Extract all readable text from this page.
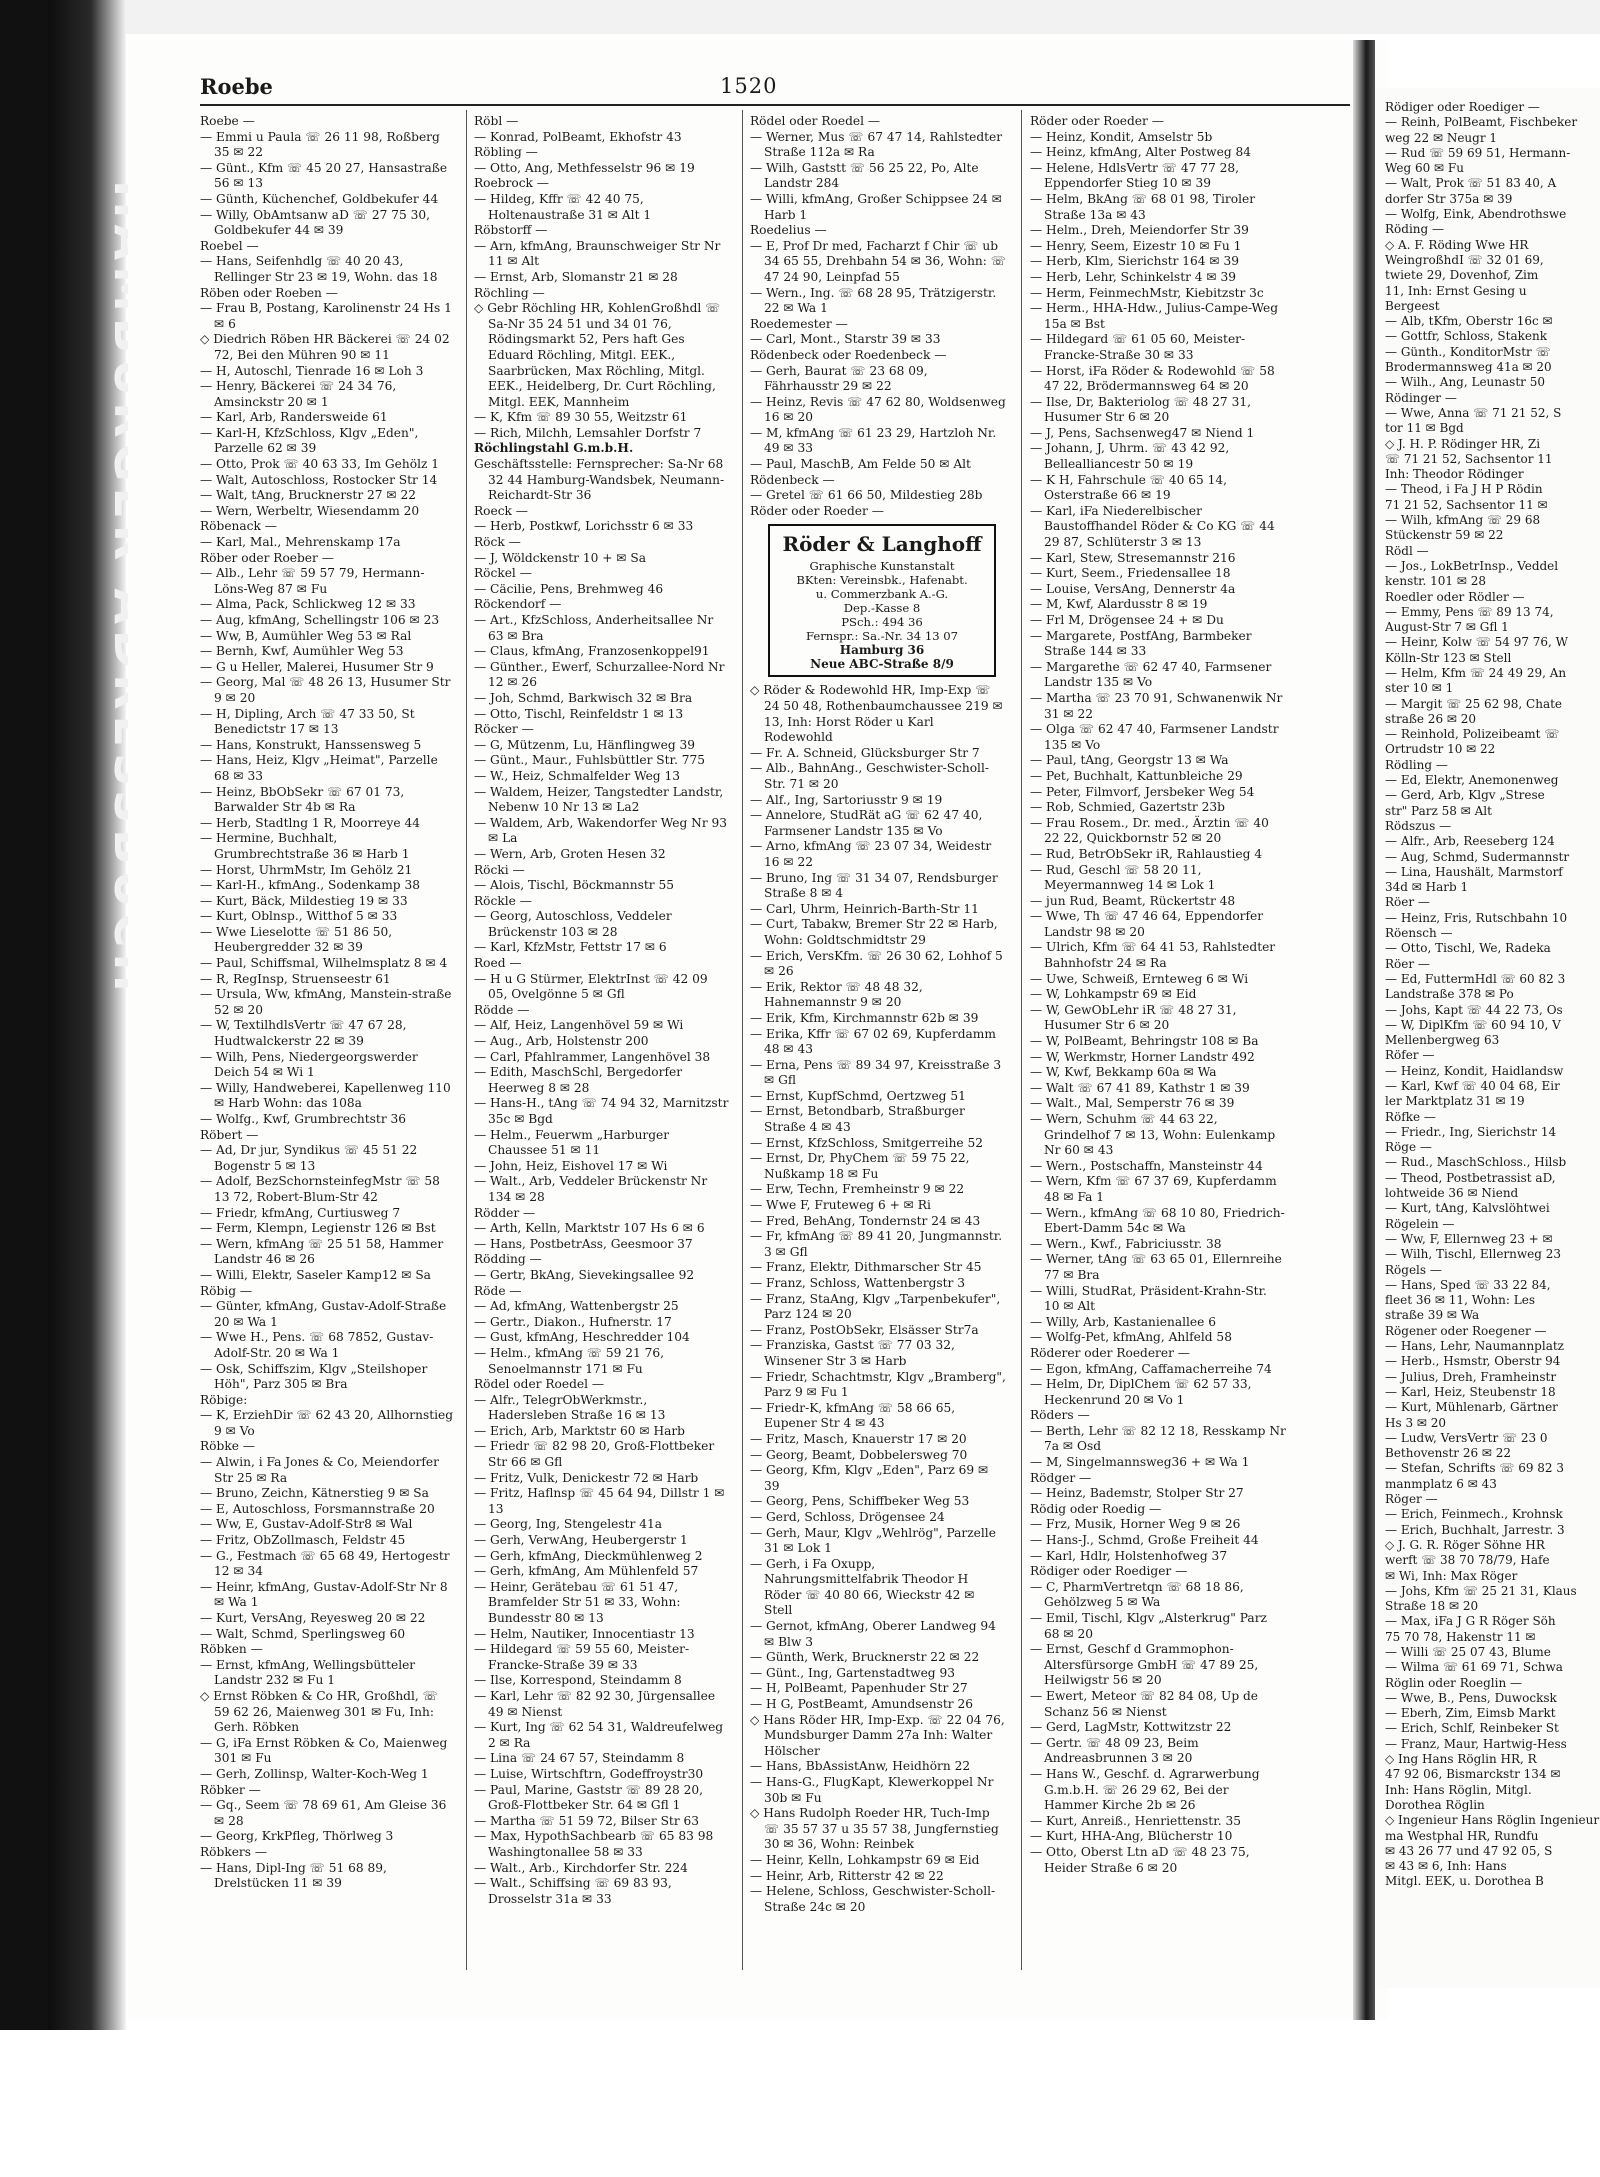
Roebe	1520
Roebe —
— Emmi u Paula ☏ 26 11 98, Roßberg 35 ✉ 22
— Günt., Kfm ☏ 45 20 27, Hansastraße 56 ✉ 13
— Günth, Küchenchef, Goldbekufer 44
— Willy, ObAmtsanw aD ☏ 27 75 30, Goldbekufer 44 ✉ 39
Roebel —
— Hans, Seifenhdlg ☏ 40 20 43, Rellinger Str 23 ✉ 19, Wohn. das 18
Röben oder Roeben —
— Frau B, Postang, Karolinenstr 24 Hs 1 ✉ 6
◇ Diedrich Röben HR Bäckerei ☏ 24 02 72, Bei den Mühren 90 ✉ 11
— H, Autoschl, Tienrade 16 ✉ Loh 3
— Henry, Bäckerei ☏ 24 34 76, Amsinckstr 20 ✉ 1
— Karl, Arb, Randersweide 61
— Karl-H, KfzSchloss, Klgv „Eden", Parzelle 62 ✉ 39
— Otto, Prok ☏ 40 63 33, Im Gehölz 1
— Walt, Autoschloss, Rostocker Str 14
— Walt, tAng, Brucknerstr 27 ✉ 22
— Wern, Werbeltr, Wiesendamm 20
Röbenack —
— Karl, Mal., Mehrenskamp 17a
Röber oder Roeber —
— Alb., Lehr ☏ 59 57 79, Hermann-Löns-Weg 87 ✉ Fu
— Alma, Pack, Schlickweg 12 ✉ 33
— Aug, kfmAng, Schellingstr 106 ✉ 23
— Ww, B, Aumühler Weg 53 ✉ Ral
— Bernh, Kwf, Aumühler Weg 53
— G u Heller, Malerei, Husumer Str 9
— Georg, Mal ☏ 48 26 13, Husumer Str 9 ✉ 20
— H, Dipling, Arch ☏ 47 33 50, St Benedictstr 17 ✉ 13
— Hans, Konstrukt, Hanssensweg 5
— Hans, Heiz, Klgv „Heimat", Parzelle 68 ✉ 33
— Heinz, BbObSekr ☏ 67 01 73, Barwalder Str 4b ✉ Ra
— Herb, Stadtlng 1 R, Moorreye 44
— Hermine, Buchhalt, Grumbrechtstraße 36 ✉ Harb 1
— Horst, UhrmMstr, Im Gehölz 21
— Karl-H., kfmAng., Sodenkamp 38
— Kurt, Bäck, Mildestieg 19 ✉ 33
— Kurt, Oblnsp., Witthof 5 ✉ 33
— Wwe Lieselotte ☏ 51 86 50, Heubergredder 32 ✉ 39
— Paul, Schiffsmal, Wilhelmsplatz 8 ✉ 4
— R, RegInsp, Struenseestr 61
— Ursula, Ww, kfmAng, Manstein-straße 52 ✉ 20
— W, TextilhdlsVertr ☏ 47 67 28, Hudtwalckerstr 22 ✉ 39
— Wilh, Pens, Niedergeorgswerder Deich 54 ✉ Wi 1
— Willy, Handweberei, Kapellenweg 110 ✉ Harb Wohn: das 108a
— Wolfg., Kwf, Grumbrechtstr 36
Röbert —
— Ad, Dr jur, Syndikus ☏ 45 51 22 Bogenstr 5 ✉ 13
— Adolf, BezSchornsteinfegMstr ☏ 58 13 72, Robert-Blum-Str 42
— Friedr, kfmAng, Curtiusweg 7
— Ferm, Klempn, Legienstr 126 ✉ Bst
— Wern, kfmAng ☏ 25 51 58, Hammer Landstr 46 ✉ 26
— Willi, Elektr, Saseler Kamp12 ✉ Sa
Röbig —
— Günter, kfmAng, Gustav-Adolf-Straße 20 ✉ Wa 1
— Wwe H., Pens. ☏ 68 7852, Gustav-Adolf-Str. 20 ✉ Wa 1
— Osk, Schiffszim, Klgv „Steilshoper Höh", Parz 305 ✉ Bra
Röbige:
— K, ErziehDir ☏ 62 43 20, Allhornstieg 9 ✉ Vo
Röbke —
— Alwin, i Fa Jones & Co, Meiendorfer Str 25 ✉ Ra
— Bruno, Zeichn, Kätnerstieg 9 ✉ Sa
— E, Autoschloss, Forsmannstraße 20
— Ww, E, Gustav-Adolf-Str8 ✉ Wal
— Fritz, ObZollmasch, Feldstr 45
— G., Festmach ☏ 65 68 49, Hertogestr 12 ✉ 34
— Heinr, kfmAng, Gustav-Adolf-Str Nr 8 ✉ Wa 1
— Kurt, VersAng, Reyesweg 20 ✉ 22
— Walt, Schmd, Sperlingsweg 60
Röbken —
— Ernst, kfmAng, Wellingsbütteler Landstr 232 ✉ Fu 1
◇ Ernst Röbken & Co HR, Großhdl, ☏ 59 62 26, Maienweg 301 ✉ Fu, Inh: Gerh. Röbken
— G, iFa Ernst Röbken & Co, Maienweg 301 ✉ Fu
— Gerh, Zollinsp, Walter-Koch-Weg 1
Röbker —
— Gq., Seem ☏ 78 69 61, Am Gleise 36 ✉ 28
— Georg, KrkPfleg, Thörlweg 3
Röbkers —
— Hans, Dipl-Ing ☏ 51 68 89, Drelstücken 11 ✉ 39
Röbl —
— Konrad, PolBeamt, Ekhofstr 43
Röbling —
— Otto, Ang, Methfesselstr 96 ✉ 19
Roebrock —
— Hildeg, Kffr ☏ 42 40 75, Holtenaustraße 31 ✉ Alt 1
Röbstorff —
— Arn, kfmAng, Braunschweiger Str Nr 11 ✉ Alt
— Ernst, Arb, Slomanstr 21 ✉ 28
Röchling —
◇ Gebr Röchling HR, KohlenGroßhdl ☏ Sa-Nr 35 24 51 und 34 01 76, Rödingsmarkt 52, Pers haft Ges Eduard Röchling, Mitgl. EEK., Saarbrücken, Max Röchling, Mitgl. EEK., Heidelberg, Dr. Curt Röchling, Mitgl. EEK, Mannheim
— K, Kfm ☏ 89 30 55, Weitzstr 61
— Rich, Milchh, Lemsahler Dorfstr 7
Röchlingstahl G.m.b.H.
Geschäftsstelle: Fernsprecher: Sa-Nr 68 32 44 Hamburg-Wandsbek, Neumann-Reichardt-Str 36
Roeck —
— Herb, Postkwf, Lorichsstr 6 ✉ 33
Röck —
— J, Wöldckenstr 10 + ✉ Sa
Röckel —
— Cäcilie, Pens, Brehmweg 46
Röckendorf —
— Art., KfzSchloss, Anderheitsallee Nr 63 ✉ Bra
— Claus, kfmAng, Franzosenkoppel91
— Günther., Ewerf, Schurzallee-Nord Nr 12 ✉ 26
— Joh, Schmd, Barkwisch 32 ✉ Bra
— Otto, Tischl, Reinfeldstr 1 ✉ 13
Röcker —
— G, Mützenm, Lu, Hänflingweg 39
— Günt., Maur., Fuhlsbüttler Str. 775
— W., Heiz, Schmalfelder Weg 13
— Waldem, Heizer, Tangstedter Landstr, Nebenw 10 Nr 13 ✉ La2
— Waldem, Arb, Wakendorfer Weg Nr 93 ✉ La
— Wern, Arb, Groten Hesen 32
Röcki —
— Alois, Tischl, Böckmannstr 55
Röckle —
— Georg, Autoschloss, Veddeler Brückenstr 103 ✉ 28
— Karl, KfzMstr, Fettstr 17 ✉ 6
Roed —
— H u G Stürmer, ElektrInst ☏ 42 09 05, Ovelgönne 5 ✉ Gfl
Rödde —
— Alf, Heiz, Langenhövel 59 ✉ Wi
— Aug., Arb, Holstenstr 200
— Carl, Pfahlrammer, Langenhövel 38
— Edith, MaschSchl, Bergedorfer Heerweg 8 ✉ 28
— Hans-H., tAng ☏ 74 94 32, Marnitzstr 35c ✉ Bgd
— Helm., Feuerwm „Harburger Chaussee 51 ✉ 11
— John, Heiz, Eishovel 17 ✉ Wi
— Walt., Arb, Veddeler Brückenstr Nr 134 ✉ 28
Rödder —
— Arth, Kelln, Marktstr 107 Hs 6 ✉ 6
— Hans, PostbetrAss, Geesmoor 37
Rödding —
— Gertr, BkAng, Sievekingsallee 92
Röde —
— Ad, kfmAng, Wattenbergstr 25
— Gertr., Diakon., Hufnerstr. 17
— Gust, kfmAng, Heschredder 104
— Helm., kfmAng ☏ 59 21 76, Senoelmannstr 171 ✉ Fu
Rödel oder Roedel —
— Alfr., TelegrObWerkmstr., Hadersleben Straße 16 ✉ 13
— Erich, Arb, Marktstr 60 ✉ Harb
— Friedr ☏ 82 98 20, Groß-Flottbeker Str 66 ✉ Gfl
— Fritz, Vulk, Denickestr 72 ✉ Harb
— Fritz, Haflnsp ☏ 45 64 94, Dillstr 1 ✉ 13
— Georg, Ing, Stengelestr 41a
— Gerh, VerwAng, Heubergerstr 1
— Gerh, kfmAng, Dieckmühlenweg 2
— Gerh, kfmAng, Am Mühlenfeld 57
— Heinr, Gerätebau ☏ 61 51 47, Bramfelder Str 51 ✉ 33, Wohn: Bundesstr 80 ✉ 13
— Helm, Nautiker, Innocentiastr 13
— Hildegard ☏ 59 55 60, Meister-Francke-Straße 39 ✉ 33
— Ilse, Korrespond, Steindamm 8
— Karl, Lehr ☏ 82 92 30, Jürgensallee 49 ✉ Nienst
— Kurt, Ing ☏ 62 54 31, Waldreufelweg 2 ✉ Ra
— Lina ☏ 24 67 57, Steindamm 8
— Luise, Wirtschftrn, Godeffroystr30
— Paul, Marine, Gaststr ☏ 89 28 20, Groß-Flottbeker Str. 64 ✉ Gfl 1
— Martha ☏ 51 59 72, Bilser Str 63
— Max, HypothSachbearb ☏ 65 83 98 Washingtonallee 58 ✉ 33
— Walt., Arb., Kirchdorfer Str. 224
— Walt., Schiffsing ☏ 69 83 93, Drosselstr 31a ✉ 33
Rödel oder Roedel —
— Werner, Mus ☏ 67 47 14, Rahlstedter Straße 112a ✉ Ra
— Wilh, Gaststt ☏ 56 25 22, Po, Alte Landstr 284
— Willi, kfmAng, Großer Schippsee 24 ✉ Harb 1
Roedelius —
— E, Prof Dr med, Facharzt f Chir ☏ ub 34 65 55, Drehbahn 54 ✉ 36, Wohn: ☏ 47 24 90, Leinpfad 55
— Wern., Ing. ☏ 68 28 95, Trätzigerstr. 22 ✉ Wa 1
Roedemester —
— Carl, Mont., Starstr 39 ✉ 33
Rödenbeck oder Roedenbeck —
— Gerh, Baurat ☏ 23 68 09, Fährhausstr 29 ✉ 22
— Heinz, Revis ☏ 47 62 80, Woldsenweg 16 ✉ 20
— M, kfmAng ☏ 61 23 29, Hartzloh Nr. 49 ✉ 33
— Paul, MaschB, Am Felde 50 ✉ Alt
Rödenbeck —
— Gretel ☏ 61 66 50, Mildestieg 28b
Röder oder Roeder —
Röder & Langhoff
Graphische Kunstanstalt
BKten: Vereinsbk., Hafenabt.
u. Commerzbank A.-G.
Dep.-Kasse 8
PSch.: 494 36
Fernspr.: Sa.-Nr. 34 13 07
Hamburg 36
Neue ABC-Straße 8/9
◇ Röder & Rodewohld HR, Imp-Exp ☏ 24 50 48, Rothenbaumchaussee 219 ✉ 13, Inh: Horst Röder u Karl Rodewohld
— Fr. A. Schneid, Glücksburger Str 7
— Alb., BahnAng., Geschwister-Scholl-Str. 71 ✉ 20
— Alf., Ing, Sartoriusstr 9 ✉ 19
— Annelore, StudRät aG ☏ 62 47 40, Farmsener Landstr 135 ✉ Vo
— Arno, kfmAng ☏ 23 07 34, Weidestr 16 ✉ 22
— Bruno, Ing ☏ 31 34 07, Rendsburger Straße 8 ✉ 4
— Carl, Uhrm, Heinrich-Barth-Str 11
— Curt, Tabakw, Bremer Str 22 ✉ Harb, Wohn: Goldtschmidtstr 29
— Erich, VersKfm. ☏ 26 30 62, Lohhof 5 ✉ 26
— Erik, Rektor ☏ 48 48 32, Hahnemannstr 9 ✉ 20
— Erik, Kfm, Kirchmannstr 62b ✉ 39
— Erika, Kffr ☏ 67 02 69, Kupferdamm 48 ✉ 43
— Erna, Pens ☏ 89 34 97, Kreisstraße 3 ✉ Gfl
— Ernst, KupfSchmd, Oertzweg 51
— Ernst, Betondbarb, Straßburger Straße 4 ✉ 43
— Ernst, KfzSchloss, Smitgerreihe 52
— Ernst, Dr, PhyChem ☏ 59 75 22, Nußkamp 18 ✉ Fu
— Erw, Techn, Fremheinstr 9 ✉ 22
— Wwe F, Fruteweg 6 + ✉ Ri
— Fred, BehAng, Tondernstr 24 ✉ 43
— Fr, kfmAng ☏ 89 41 20, Jungmannstr. 3 ✉ Gfl
— Franz, Elektr, Dithmarscher Str 45
— Franz, Schloss, Wattenbergstr 3
— Franz, StaAng, Klgv „Tarpenbekufer", Parz 124 ✉ 20
— Franz, PostObSekr, Elsässer Str7a
— Franziska, Gastst ☏ 77 03 32, Winsener Str 3 ✉ Harb
— Friedr, Schachtmstr, Klgv „Bramberg", Parz 9 ✉ Fu 1
— Friedr-K, kfmAng ☏ 58 66 65, Eupener Str 4 ✉ 43
— Fritz, Masch, Knauerstr 17 ✉ 20
— Georg, Beamt, Dobbelersweg 70
— Georg, Kfm, Klgv „Eden", Parz 69 ✉ 39
— Georg, Pens, Schiffbeker Weg 53
— Gerd, Schloss, Drögensee 24
— Gerh, Maur, Klgv „Wehlrög", Parzelle 31 ✉ Lok 1
— Gerh, i Fa Oxupp, Nahrungsmittelfabrik Theodor H Röder ☏ 40 80 66, Wieckstr 42 ✉ Stell
— Gernot, kfmAng, Oberer Landweg 94 ✉ Blw 3
— Günth, Werk, Brucknerstr 22 ✉ 22
— Günt., Ing, Gartenstadtweg 93
— H, PolBeamt, Papenhuder Str 27
— H G, PostBeamt, Amundsenstr 26
◇ Hans Röder HR, Imp-Exp. ☏ 22 04 76, Mundsburger Damm 27a Inh: Walter Hölscher
— Hans, BbAssistAnw, Heidhörn 22
— Hans-G., FlugKapt, Klewerkoppel Nr 30b ✉ Fu
◇ Hans Rudolph Roeder HR, Tuch-Imp ☏ 35 57 37 u 35 57 38, Jungfernstieg 30 ✉ 36, Wohn: Reinbek
— Heinr, Kelln, Lohkampstr 69 ✉ Eid
— Heinr, Arb, Ritterstr 42 ✉ 22
— Helene, Schloss, Geschwister-Scholl-Straße 24c ✉ 20
Röder oder Roeder —
— Heinz, Kondit, Amselstr 5b
— Heinz, kfmAng, Alter Postweg 84
— Helene, HdlsVertr ☏ 47 77 28, Eppendorfer Stieg 10 ✉ 39
— Helm, BkAng ☏ 68 01 98, Tiroler Straße 13a ✉ 43
— Helm., Dreh, Meiendorfer Str 39
— Henry, Seem, Eizestr 10 ✉ Fu 1
— Herb, Klm, Sierichstr 164 ✉ 39
— Herb, Lehr, Schinkelstr 4 ✉ 39
— Herm, FeinmechMstr, Kiebitzstr 3c
— Herm., HHA-Hdw., Julius-Campe-Weg 15a ✉ Bst
— Hildegard ☏ 61 05 60, Meister-Francke-Straße 30 ✉ 33
— Horst, iFa Röder & Rodewohld ☏ 58 47 22, Brödermannsweg 64 ✉ 20
— Ilse, Dr, Bakteriolog ☏ 48 27 31, Husumer Str 6 ✉ 20
— J, Pens, Sachsenweg47 ✉ Niend 1
— Johann, J, Uhrm. ☏ 43 42 92, Bellealliancestr 50 ✉ 19
— K H, Fahrschule ☏ 40 65 14, Osterstraße 66 ✉ 19
— Karl, iFa Niederelbischer Baustoffhandel Röder & Co KG ☏ 44 29 87, Schlüterstr 3 ✉ 13
— Karl, Stew, Stresemannstr 216
— Kurt, Seem., Friedensallee 18
— Louise, VersAng, Dennerstr 4a
— M, Kwf, Alardusstr 8 ✉ 19
— Frl M, Drögensee 24 + ✉ Du
— Margarete, PostfAng, Barmbeker Straße 144 ✉ 33
— Margarethe ☏ 62 47 40, Farmsener Landstr 135 ✉ Vo
— Martha ☏ 23 70 91, Schwanenwik Nr 31 ✉ 22
— Olga ☏ 62 47 40, Farmsener Landstr 135 ✉ Vo
— Paul, tAng, Georgstr 13 ✉ Wa
— Pet, Buchhalt, Kattunbleiche 29
— Peter, Filmvorf, Jersbeker Weg 54
— Rob, Schmied, Gazertstr 23b
— Frau Rosem., Dr. med., Ärztin ☏ 40 22 22, Quickbornstr 52 ✉ 20
— Rud, BetrObSekr iR, Rahlaustieg 4
— Rud, Geschl ☏ 58 20 11, Meyermannweg 14 ✉ Lok 1
— jun Rud, Beamt, Rückertstr 48
— Wwe, Th ☏ 47 46 64, Eppendorfer Landstr 98 ✉ 20
— Ulrich, Kfm ☏ 64 41 53, Rahlstedter Bahnhofstr 24 ✉ Ra
— Uwe, Schweiß, Ernteweg 6 ✉ Wi
— W, Lohkampstr 69 ✉ Eid
— W, GewObLehr iR ☏ 48 27 31, Husumer Str 6 ✉ 20
— W, PolBeamt, Behringstr 108 ✉ Ba
— W, Werkmstr, Horner Landstr 492
— W, Kwf, Bekkamp 60a ✉ Wa
— Walt ☏ 67 41 89, Kathstr 1 ✉ 39
— Walt., Mal, Semperstr 76 ✉ 39
— Wern, Schuhm ☏ 44 63 22, Grindelhof 7 ✉ 13, Wohn: Eulenkamp Nr 60 ✉ 43
— Wern., Postschaffn, Mansteinstr 44
— Wern, Kfm ☏ 67 37 69, Kupferdamm 48 ✉ Fa 1
— Wern., kfmAng ☏ 68 10 80, Friedrich-Ebert-Damm 54c ✉ Wa
— Wern., Kwf., Fabriciusstr. 38
— Werner, tAng ☏ 63 65 01, Ellernreihe 77 ✉ Bra
— Willi, StudRat, Präsident-Krahn-Str. 10 ✉ Alt
— Willy, Arb, Kastanienallee 6
— Wolfg-Pet, kfmAng, Ahlfeld 58
Röderer oder Roederer —
— Egon, kfmAng, Caffamacherreihe 74
— Helm, Dr, DiplChem ☏ 62 57 33, Heckenrund 20 ✉ Vo 1
Röders —
— Berth, Lehr ☏ 82 12 18, Resskamp Nr 7a ✉ Osd
— M, Singelmannsweg36 + ✉ Wa 1
Rödger —
— Heinz, Bademstr, Stolper Str 27
Rödig oder Roedig —
— Frz, Musik, Horner Weg 9 ✉ 26
— Hans-J., Schmd, Große Freiheit 44
— Karl, Hdlr, Holstenhofweg 37
Rödiger oder Roediger —
— C, PharmVertretqn ☏ 68 18 86, Gehölzweg 5 ✉ Wa
— Emil, Tischl, Klgv „Alsterkrug" Parz 68 ✉ 20
— Ernst, Geschf d Grammophon-Altersfürsorge GmbH ☏ 47 89 25, Heilwigstr 56 ✉ 20
— Ewert, Meteor ☏ 82 84 08, Up de Schanz 56 ✉ Nienst
— Gerd, LagMstr, Kottwitzstr 22
— Gertr. ☏ 48 09 23, Beim Andreasbrunnen 3 ✉ 20
— Hans W., Geschf. d. Agrarwerbung G.m.b.H. ☏ 26 29 62, Bei der Hammer Kirche 2b ✉ 26
— Kurt, Anreiß., Henriettenstr. 35
— Kurt, HHA-Ang, Blücherstr 10
— Otto, Oberst Ltn aD ☏ 48 23 75, Heider Straße 6 ✉ 20
Rödiger oder Roediger —
— Reinh, PolBeamt, Fischbeker
weg 22 ✉ Neugr 1
— Rud ☏ 59 69 51, Hermann-
Weg 60 ✉ Fu
— Walt, Prok ☏ 51 83 40, A
dorfer Str 375a ✉ 39
— Wolfg, Eink, Abendrothswe
Röding —
◇ A. F. Röding Wwe HR
WeingroßhdI ☏ 32 01 69,
twiete 29, Dovenhof, Zim
11, Inh: Ernst Gesing u
Bergeest
— Alb, tKfm, Oberstr 16c ✉
— Gottfr, Schloss, Stakenk
— Günth., KonditorMstr ☏
Brodermannsweg 41a ✉ 20
— Wilh., Ang, Leunastr 50
Rödinger —
— Wwe, Anna ☏ 71 21 52, S
tor 11 ✉ Bgd
◇ J. H. P. Rödinger HR, Zi
☏ 71 21 52, Sachsentor 11
Inh: Theodor Rödinger
— Theod, i Fa J H P Rödin
71 21 52, Sachsentor 11 ✉
— Wilh, kfmAng ☏ 29 68
Stückenstr 59 ✉ 22
Rödl —
— Jos., LokBetrInsp., Veddel
kenstr. 101 ✉ 28
Roedler oder Rödler —
— Emmy, Pens ☏ 89 13 74,
August-Str 7 ✉ Gfl 1
— Heinr, Kolw ☏ 54 97 76, W
Kölln-Str 123 ✉ Stell
— Helm, Kfm ☏ 24 49 29, An
ster 10 ✉ 1
— Margit ☏ 25 62 98, Chate
straße 26 ✉ 20
— Reinhold, Polizeibeamt ☏
Ortrudstr 10 ✉ 22
Rödling —
— Ed, Elektr, Anemonenweg
— Gerd, Arb, Klgv „Strese
str" Parz 58 ✉ Alt
Rödszus —
— Alfr., Arb, Reeseberg 124
— Aug, Schmd, Sudermannstr
— Lina, Haushält, Marmstorf
34d ✉ Harb 1
Röer —
— Heinz, Fris, Rutschbahn 10
Röensch —
— Otto, Tischl, We, Radeka
Röer —
— Ed, FuttermHdl ☏ 60 82 3
Landstraße 378 ✉ Po
— Johs, Kapt ☏ 44 22 73, Os
— W, DiplKfm ☏ 60 94 10, V
Mellenbergweg 63
Röfer —
— Heinz, Kondit, Haidlandsw
— Karl, Kwf ☏ 40 04 68, Eir
ler Marktplatz 31 ✉ 19
Röfke —
— Friedr., Ing, Sierichstr 14
Röge —
— Rud., MaschSchloss., Hilsb
— Theod, Postbetrassist aD,
lohtweide 36 ✉ Niend
— Kurt, tAng, Kalvslöhtwei
Rögelein —
— Ww, F, Ellernweg 23 + ✉
— Wilh, Tischl, Ellernweg 23
Rögels —
— Hans, Sped ☏ 33 22 84,
fleet 36 ✉ 11, Wohn: Les
straße 39 ✉ Wa
Rögener oder Roegener —
— Hans, Lehr, Naumannplatz
— Herb., Hsmstr, Oberstr 94
— Julius, Dreh, Framheinstr
— Karl, Heiz, Steubenstr 18
— Kurt, Mühlenarb, Gärtner
Hs 3 ✉ 20
— Ludw, VersVertr ☏ 23 0
Bethovenstr 26 ✉ 22
— Stefan, Schrifts ☏ 69 82 3
manmplatz 6 ✉ 43
Röger —
— Erich, Feinmech., Krohnsk
— Erich, Buchhalt, Jarrestr. 3
◇ J. G. R. Röger Söhne HR
werft ☏ 38 70 78/79, Hafe
✉ Wi, Inh: Max Röger
— Johs, Kfm ☏ 25 21 31, Klaus
Straße 18 ✉ 20
— Max, iFa J G R Röger Söh
75 70 78, Hakenstr 11 ✉
— Willi ☏ 25 07 43, Blume
— Wilma ☏ 61 69 71, Schwa
Röglin oder Roeglin —
— Wwe, B., Pens, Duwocksk
— Eberh, Zim, Eimsb Markt
— Erich, Schlf, Reinbeker St
— Franz, Maur, Hartwig-Hess
◇ Ing Hans Röglin HR, R
47 92 06, Bismarckstr 134 ✉
Inh: Hans Röglin, Mitgl.
Dorothea Röglin
◇ Ingenieur Hans Röglin Ingenieur
ma Westphal HR, Rundfu
✉ 43 26 77 und 47 92 05, S
✉ 43 ✉ 6, Inh: Hans
Mitgl. EEK, u. Dorothea B
